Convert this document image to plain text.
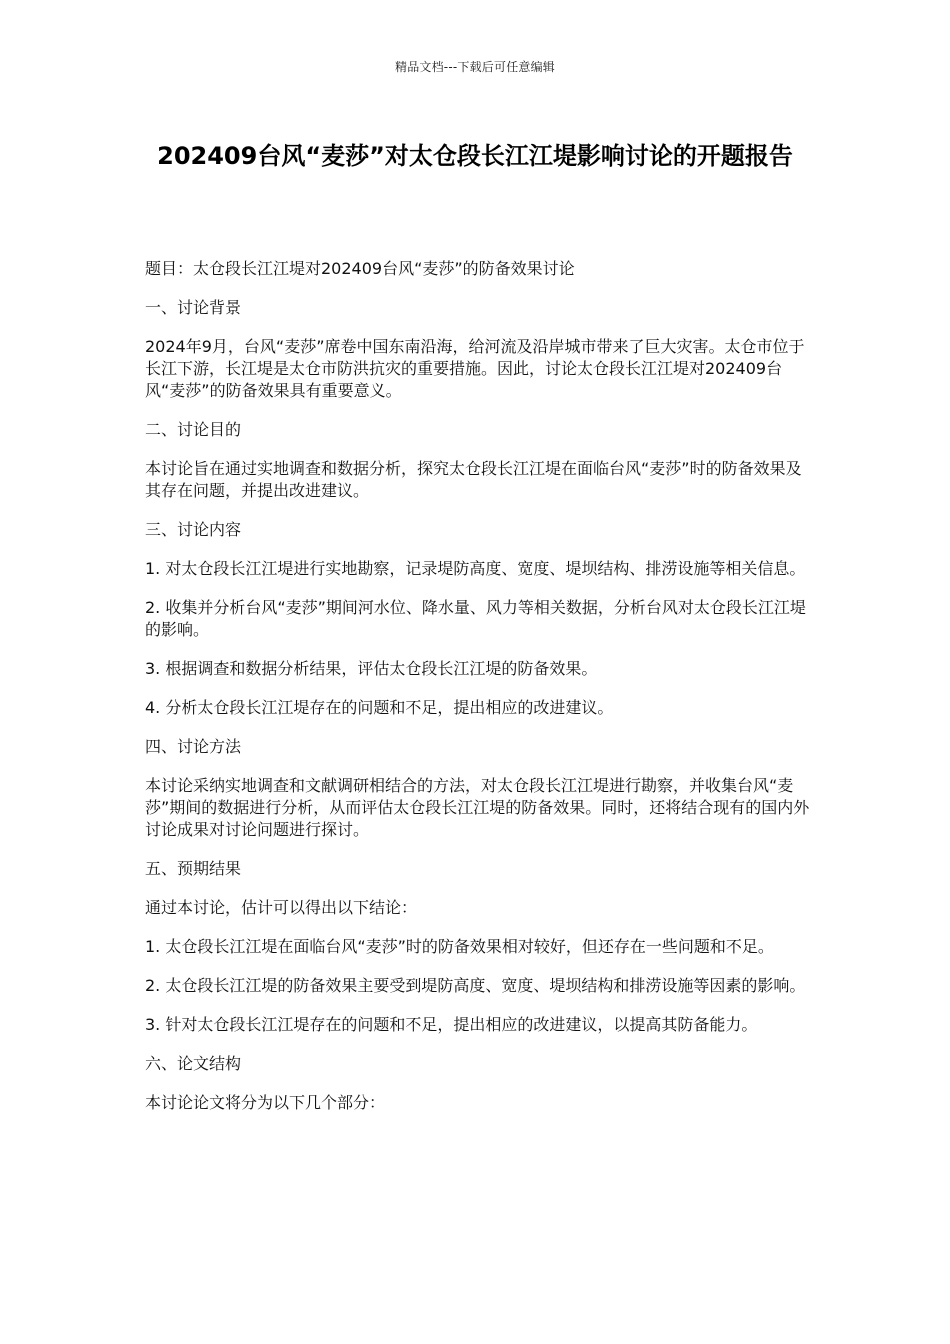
精品文档---下载后可任意编辑
202409台风“麦莎”对太仓段长江江堤影响讨论的开题报告

题目：太仓段长江江堤对202409台风“麦莎”的防备效果讨论

一、讨论背景

2024年9月，台风“麦莎”席卷中国东南沿海，给河流及沿岸城市带来了巨大灾害。太仓市位于长江下游，长江堤是太仓市防洪抗灾的重要措施。因此，讨论太仓段长江江堤对202409台风“麦莎”的防备效果具有重要意义。

二、讨论目的

本讨论旨在通过实地调查和数据分析，探究太仓段长江江堤在面临台风“麦莎”时的防备效果及其存在问题，并提出改进建议。

三、讨论内容

1. 对太仓段长江江堤进行实地勘察，记录堤防高度、宽度、堤坝结构、排涝设施等相关信息。

2. 收集并分析台风“麦莎”期间河水位、降水量、风力等相关数据，分析台风对太仓段长江江堤的影响。

3. 根据调查和数据分析结果，评估太仓段长江江堤的防备效果。

4. 分析太仓段长江江堤存在的问题和不足，提出相应的改进建议。

四、讨论方法

本讨论采纳实地调查和文献调研相结合的方法，对太仓段长江江堤进行勘察，并收集台风“麦莎”期间的数据进行分析，从而评估太仓段长江江堤的防备效果。同时，还将结合现有的国内外讨论成果对讨论问题进行探讨。

五、预期结果

通过本讨论，估计可以得出以下结论：

1. 太仓段长江江堤在面临台风“麦莎”时的防备效果相对较好，但还存在一些问题和不足。

2. 太仓段长江江堤的防备效果主要受到堤防高度、宽度、堤坝结构和排涝设施等因素的影响。

3. 针对太仓段长江江堤存在的问题和不足，提出相应的改进建议，以提高其防备能力。

六、论文结构

本讨论论文将分为以下几个部分：
